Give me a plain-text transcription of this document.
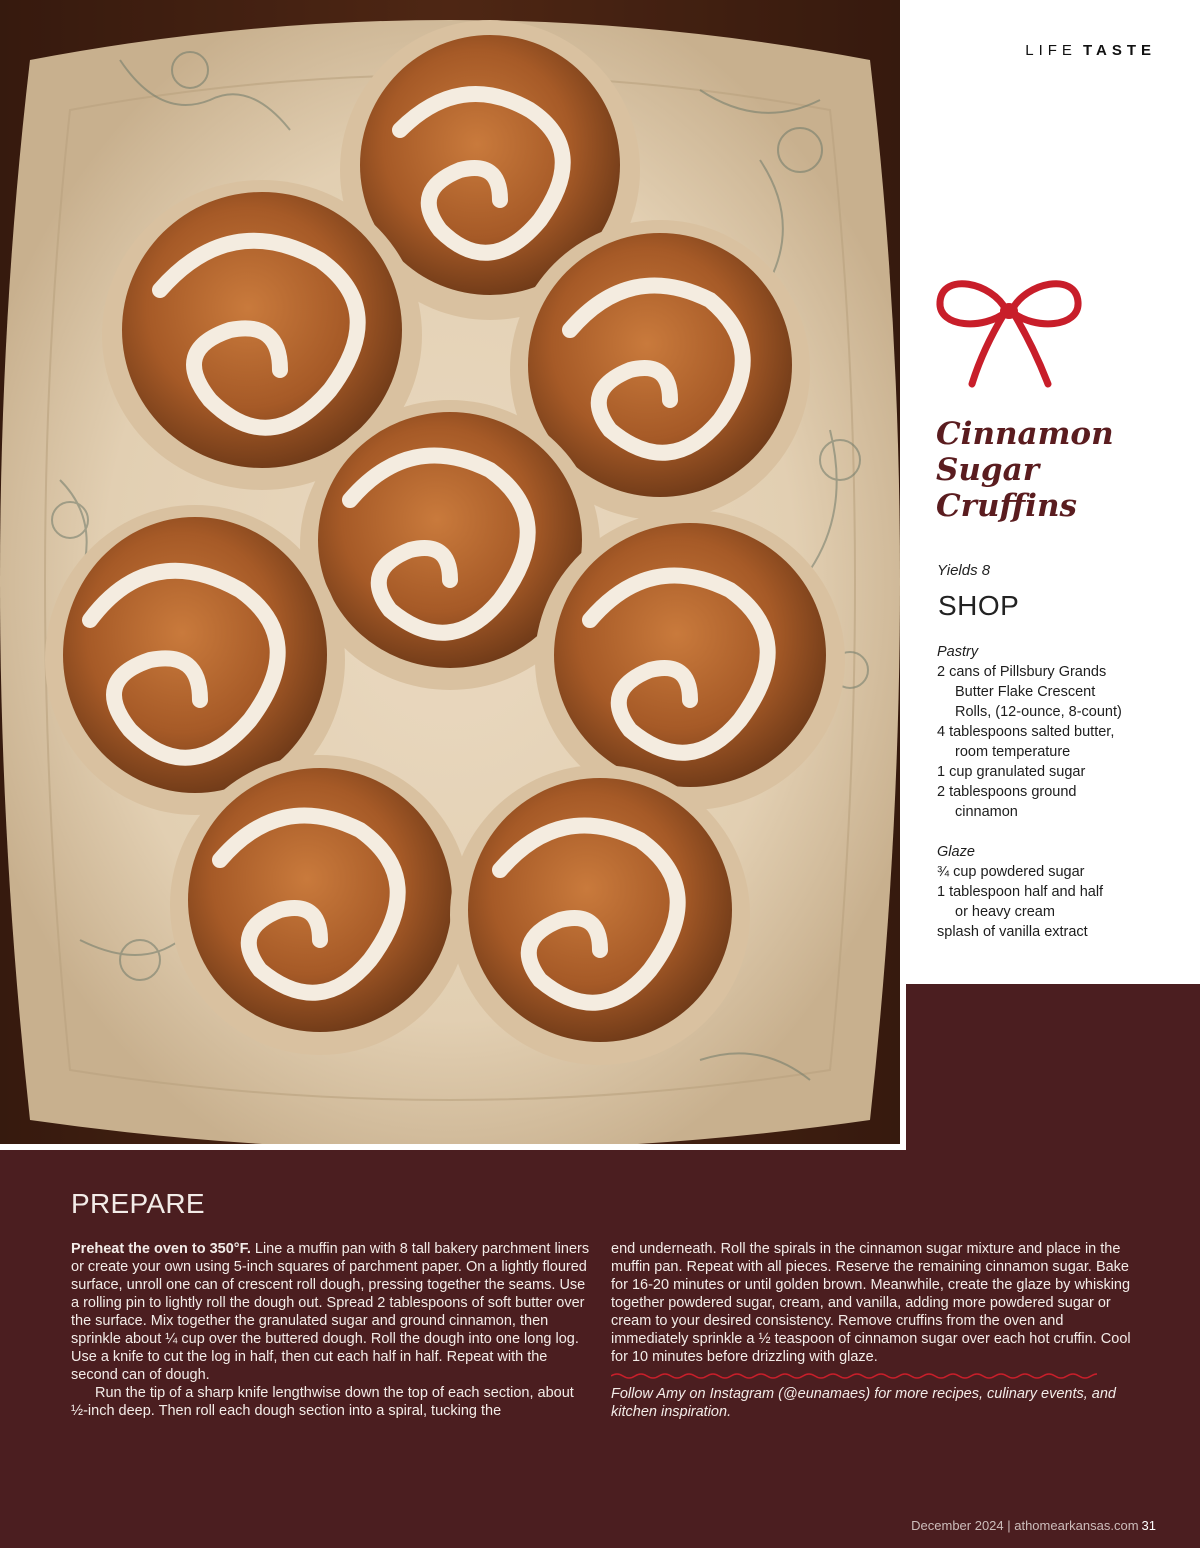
LIFE TASTE
Cinnamon
Sugar
Cruffins
Yields 8
SHOP
Pastry
2 cans of Pillsbury Grands
Butter Flake Crescent
Rolls, (12-ounce, 8-count)
4 tablespoons salted butter,
room temperature
1 cup granulated sugar
2 tablespoons ground
cinnamon
Glaze
¾ cup powdered sugar
1 tablespoon half and half
or heavy cream
splash of vanilla extract
PREPARE

Preheat the oven to 350°F. Line a muffin pan with 8 tall bakery parchment liners or create your own using 5-inch squares of parchment paper. On a lightly floured surface, unroll one can of crescent roll dough, pressing together the seams. Use a rolling pin to lightly roll the dough out. Spread 2 tablespoons of soft butter over the surface. Mix together the granulated sugar and ground cinnamon, then sprinkle about ¼ cup over the buttered dough. Roll the dough into one long log. Use a knife to cut the log in half, then cut each half in half. Repeat with the second can of dough.

Run the tip of a sharp knife lengthwise down the top of each section, about ½-inch deep. Then roll each dough section into a spiral, tucking the

end underneath. Roll the spirals in the cinnamon sugar mixture and place in the muffin pan. Repeat with all pieces. Reserve the remaining cinnamon sugar. Bake for 16-20 minutes or until golden brown. Meanwhile, create the glaze by whisking together powdered sugar, cream, and vanilla, adding more powdered sugar or cream to your desired consistency. Remove cruffins from the oven and immediately sprinkle a ½ teaspoon of cinnamon sugar over each hot cruffin. Cool for 10 minutes before drizzling with glaze.

Follow Amy on Instagram (@eunamaes) for more recipes, culinary events, and kitchen inspiration.
December 2024 | athomearkansas.com 31
